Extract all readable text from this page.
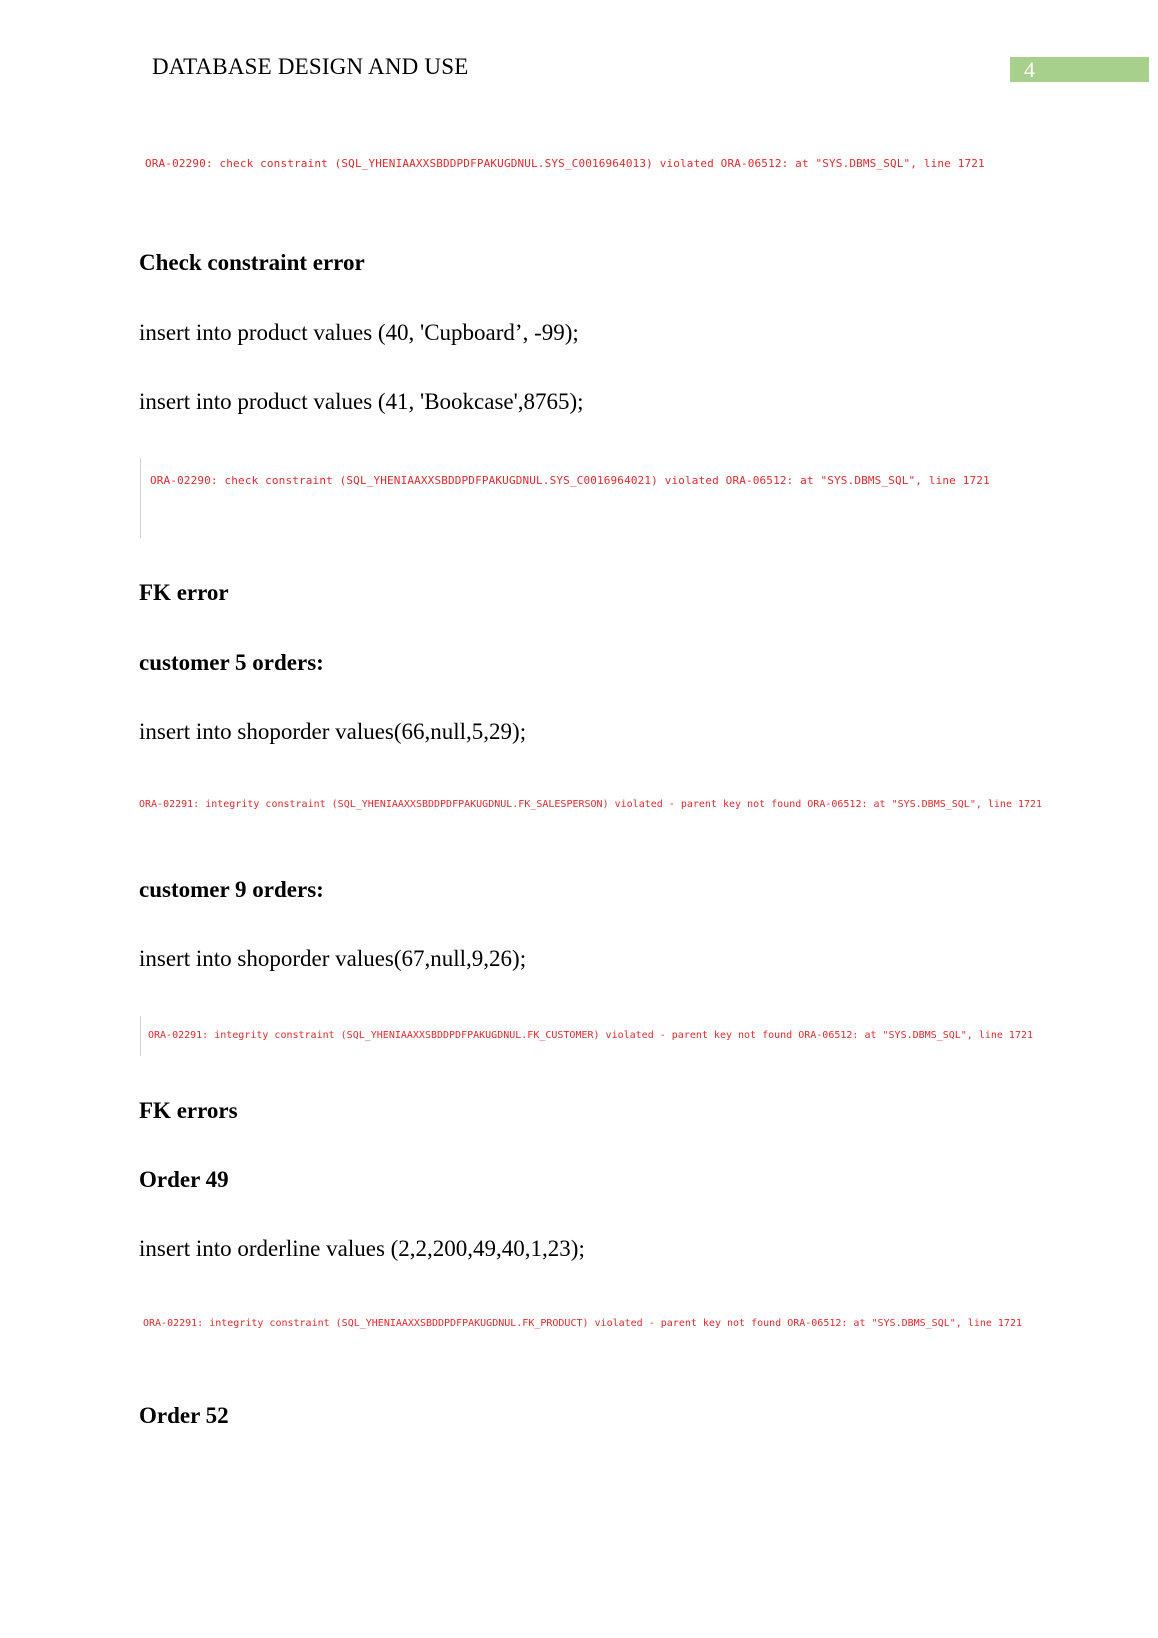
DATABASE DESIGN AND USE	4
ORA-02290: check constraint (SQL_YHENIAAXXSBDDPDFPAKUGDNUL.SYS_C0016964013) violated ORA-06512: at "SYS.DBMS_SQL", line 1721
Check constraint error
insert into product values (40, 'Cupboard’, -99);
insert into product values (41, 'Bookcase',8765);
ORA-02290: check constraint (SQL_YHENIAAXXSBDDPDFPAKUGDNUL.SYS_C0016964021) violated ORA-06512: at "SYS.DBMS_SQL", line 1721
FK error
customer 5 orders:
insert into shoporder values(66,null,5,29);
ORA-02291: integrity constraint (SQL_YHENIAAXXSBDDPDFPAKUGDNUL.FK_SALESPERSON) violated - parent key not found ORA-06512: at "SYS.DBMS_SQL", line 1721
customer 9 orders:
insert into shoporder values(67,null,9,26);
ORA-02291: integrity constraint (SQL_YHENIAAXXSBDDPDFPAKUGDNUL.FK_CUSTOMER) violated - parent key not found ORA-06512: at "SYS.DBMS_SQL", line 1721
FK errors
Order 49
insert into orderline values (2,2,200,49,40,1,23);
ORA-02291: integrity constraint (SQL_YHENIAAXXSBDDPDFPAKUGDNUL.FK_PRODUCT) violated - parent key not found ORA-06512: at "SYS.DBMS_SQL", line 1721
Order 52
